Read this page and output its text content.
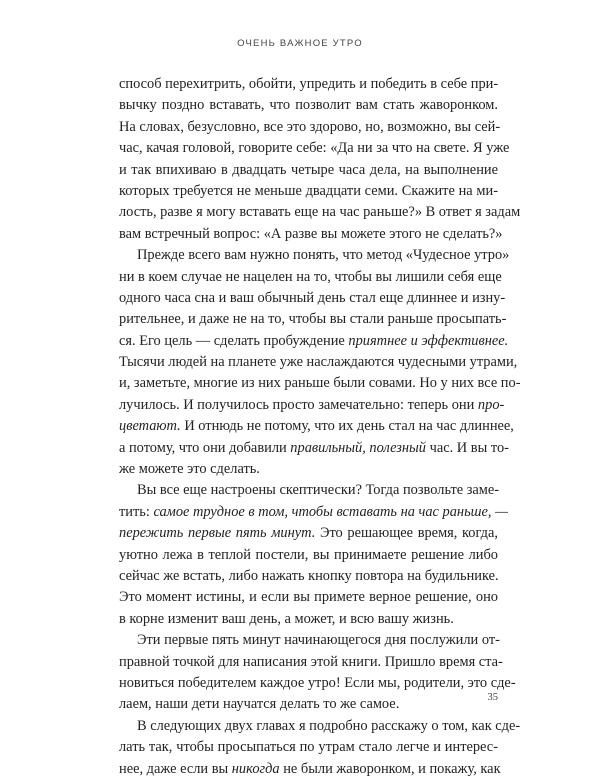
ОЧЕНЬ ВАЖНОЕ УТРО
способ перехитрить, обойти, упредить и победить в себе при-
вычку поздно вставать, что позволит вам стать жаворонком.
На словах, безусловно, все это здорово, но, возможно, вы сей-
час, качая головой, говорите себе: «Да ни за что на свете. Я уже
и так впихиваю в двадцать четыре часа дела, на выполнение
которых требуется не меньше двадцати семи. Скажите на ми-
лость, разве я могу вставать еще на час раньше?» В ответ я задам
вам встречный вопрос: «А разве вы можете этого не сделать?»
Прежде всего вам нужно понять, что метод «Чудесное утро»
ни в коем случае не нацелен на то, чтобы вы лишили себя еще
одного часа сна и ваш обычный день стал еще длиннее и изну-
рительнее, и даже не на то, чтобы вы стали раньше просыпать-
ся. Его цель — сделать пробуждение приятнее и эффективнее.
Тысячи людей на планете уже наслаждаются чудесными утрами,
и, заметьте, многие из них раньше были совами. Но у них все по-
лучилось. И получилось просто замечательно: теперь они про-
цветают. И отнюдь не потому, что их день стал на час длиннее,
а потому, что они добавили правильный, полезный час. И вы то-
же можете это сделать.
Вы все еще настроены скептически? Тогда позвольте заме-
тить: самое трудное в том, чтобы вставать на час раньше, —
пережить первые пять минут. Это решающее время, когда,
уютно лежа в теплой постели, вы принимаете решение либо
сейчас же встать, либо нажать кнопку повтора на будильнике.
Это момент истины, и если вы примете верное решение, оно
в корне изменит ваш день, а может, и всю вашу жизнь.
Эти первые пять минут начинающегося дня послужили от-
правной точкой для написания этой книги. Пришло время ста-
новиться победителем каждое утро! Если мы, родители, это сде-
лаем, наши дети научатся делать то же самое.
В следующих двух главах я подробно расскажу о том, как сде-
лать так, чтобы просыпаться по утрам стало легче и интерес-
нее, даже если вы никогда не были жаворонком, и покажу, как
35
